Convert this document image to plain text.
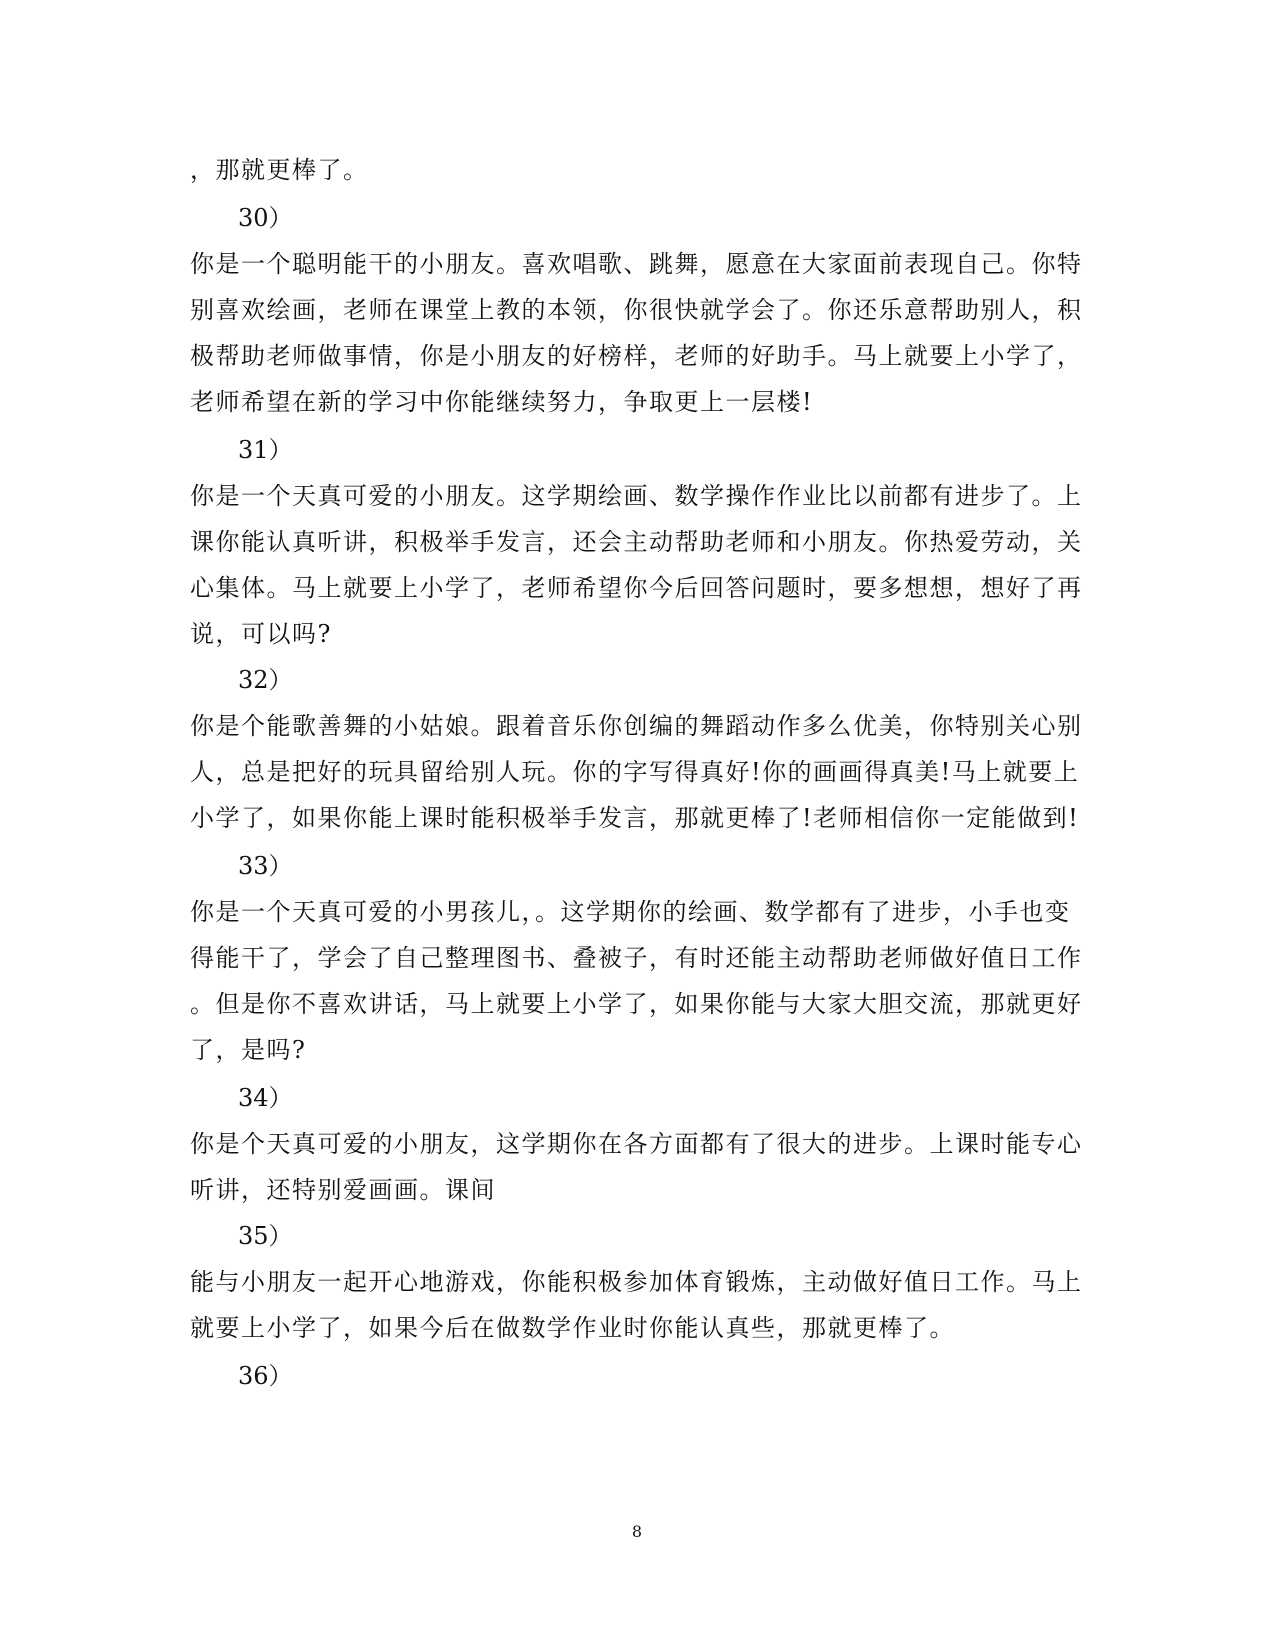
，那就更棒了。
30）
你是一个聪明能干的小朋友。喜欢唱歌、跳舞，愿意在大家面前表现自己。你特
别喜欢绘画，老师在课堂上教的本领，你很快就学会了。你还乐意帮助别人，积
极帮助老师做事情，你是小朋友的好榜样，老师的好助手。马上就要上小学了，
老师希望在新的学习中你能继续努力，争取更上一层楼!
31）
你是一个天真可爱的小朋友。这学期绘画、数学操作作业比以前都有进步了。上
课你能认真听讲，积极举手发言，还会主动帮助老师和小朋友。你热爱劳动，关
心集体。马上就要上小学了，老师希望你今后回答问题时，要多想想，想好了再
说，可以吗?
32）
你是个能歌善舞的小姑娘。跟着音乐你创编的舞蹈动作多么优美，你特别关心别
人，总是把好的玩具留给别人玩。你的字写得真好!你的画画得真美!马上就要上
小学了，如果你能上课时能积极举手发言，那就更棒了!老师相信你一定能做到!
33）
你是一个天真可爱的小男孩儿，。这学期你的绘画、数学都有了进步，小手也变
得能干了，学会了自己整理图书、叠被子，有时还能主动帮助老师做好值日工作
。但是你不喜欢讲话，马上就要上小学了，如果你能与大家大胆交流，那就更好
了，是吗?
34）
你是个天真可爱的小朋友，这学期你在各方面都有了很大的进步。上课时能专心
听讲，还特别爱画画。课间
35）
能与小朋友一起开心地游戏，你能积极参加体育锻炼，主动做好值日工作。马上
就要上小学了，如果今后在做数学作业时你能认真些，那就更棒了。
36）
8
